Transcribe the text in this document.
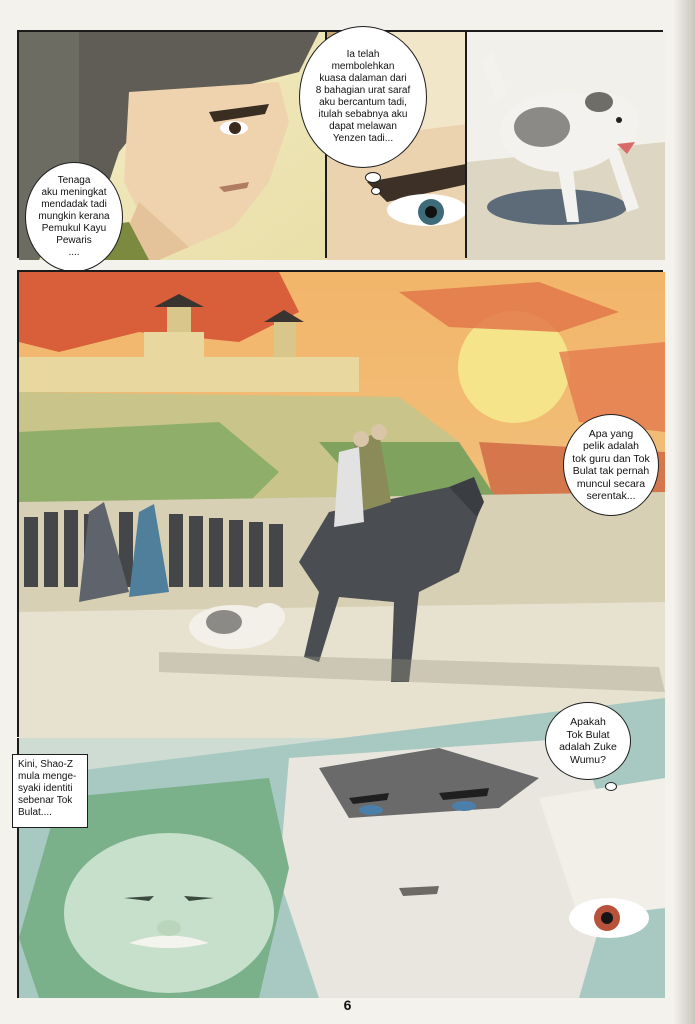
Tenaga
aku meningkat
mendadak tadi
mungkin kerana
Pemukul Kayu
Pewaris
....
Ia telah
membolehkan
kuasa dalaman dari
8 bahagian urat saraf
aku bercantum tadi,
itulah sebabnya aku
dapat melawan
Yenzen tadi...
Apa yang
pelik adalah
tok guru dan Tok
Bulat tak pernah
muncul secara
serentak...
Apakah
Tok Bulat
adalah Zuke
Wumu?
Kini, Shao-Z
mula menge-
syaki identiti
sebenar Tok
Bulat....
6
